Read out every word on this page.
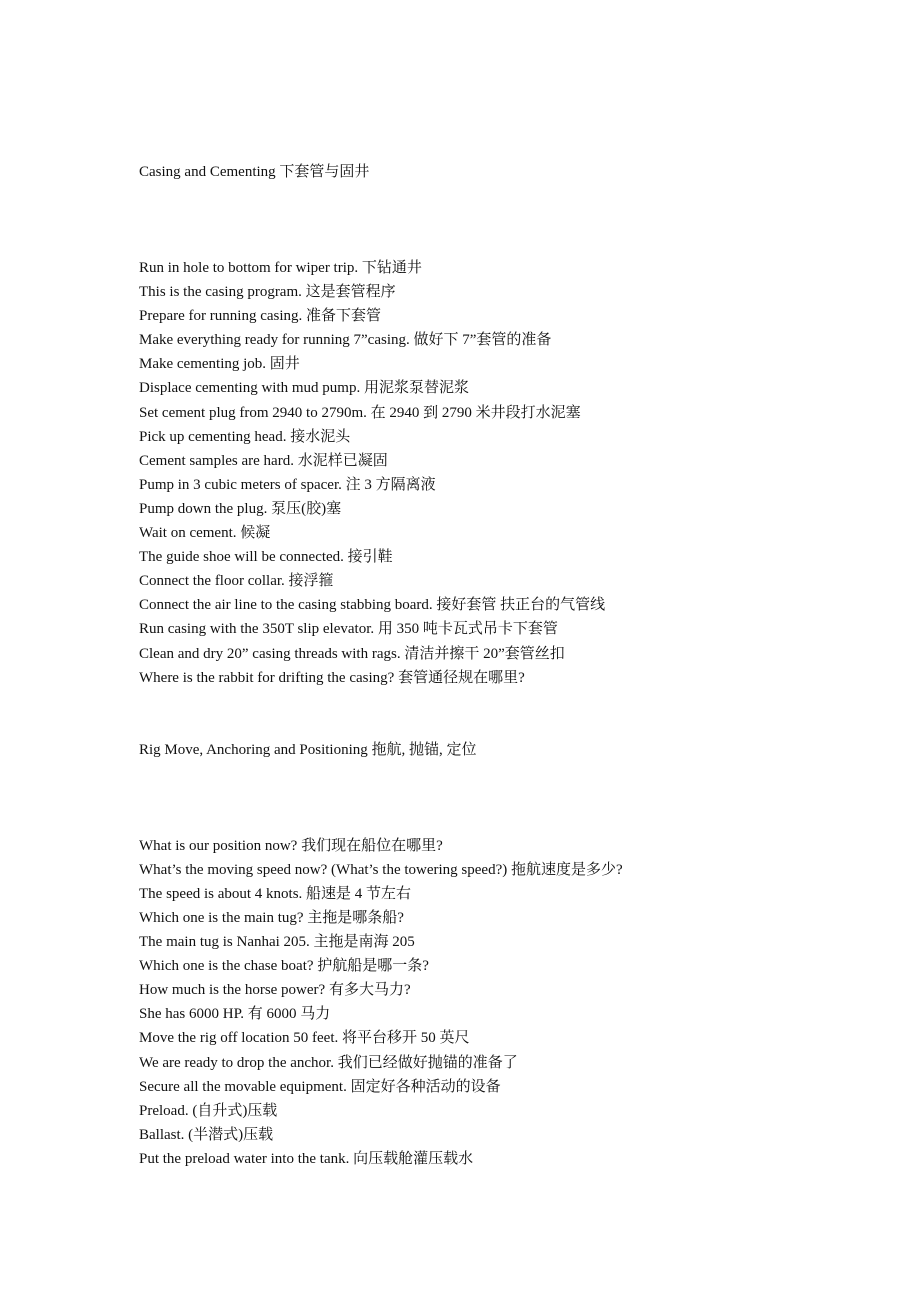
Casing and Cementing 下套管与固井

Run in hole to bottom for wiper trip. 下钻通井

This is the casing program. 这是套管程序

Prepare for running casing. 准备下套管

Make everything ready for running 7”casing. 做好下 7”套管的准备

Make cementing job. 固井

Displace cementing with mud pump. 用泥浆泵替泥浆

Set cement plug from 2940 to 2790m. 在 2940 到 2790 米井段打水泥塞

Pick up cementing head. 接水泥头

Cement samples are hard. 水泥样已凝固

Pump in 3 cubic meters of spacer. 注 3 方隔离液

Pump down the plug. 泵压(胶)塞

Wait on cement. 候凝

The guide shoe will be connected. 接引鞋

Connect the floor collar. 接浮箍

Connect the air line to the casing stabbing board. 接好套管 扶正台的气管线

Run casing with the 350T slip elevator. 用 350 吨卡瓦式吊卡下套管

Clean and dry 20” casing threads with rags. 清洁并擦干 20”套管丝扣

Where is the rabbit for drifting the casing? 套管通径规在哪里?

Rig Move, Anchoring and Positioning 拖航, 抛锚, 定位

What is our position now? 我们现在船位在哪里?

What’s the moving speed now? (What’s the towering speed?) 拖航速度是多少?

The speed is about 4 knots. 船速是 4 节左右

Which one is the main tug? 主拖是哪条船?

The main tug is Nanhai 205. 主拖是南海 205

Which one is the chase boat? 护航船是哪一条?

How much is the horse power? 有多大马力?

She has 6000 HP. 有 6000 马力

Move the rig off location 50 feet. 将平台移开 50 英尺

We are ready to drop the anchor. 我们已经做好抛锚的准备了

Secure all the movable equipment. 固定好各种活动的设备

Preload. (自升式)压载

Ballast. (半潜式)压载

Put the preload water into the tank. 向压载舱灌压载水
